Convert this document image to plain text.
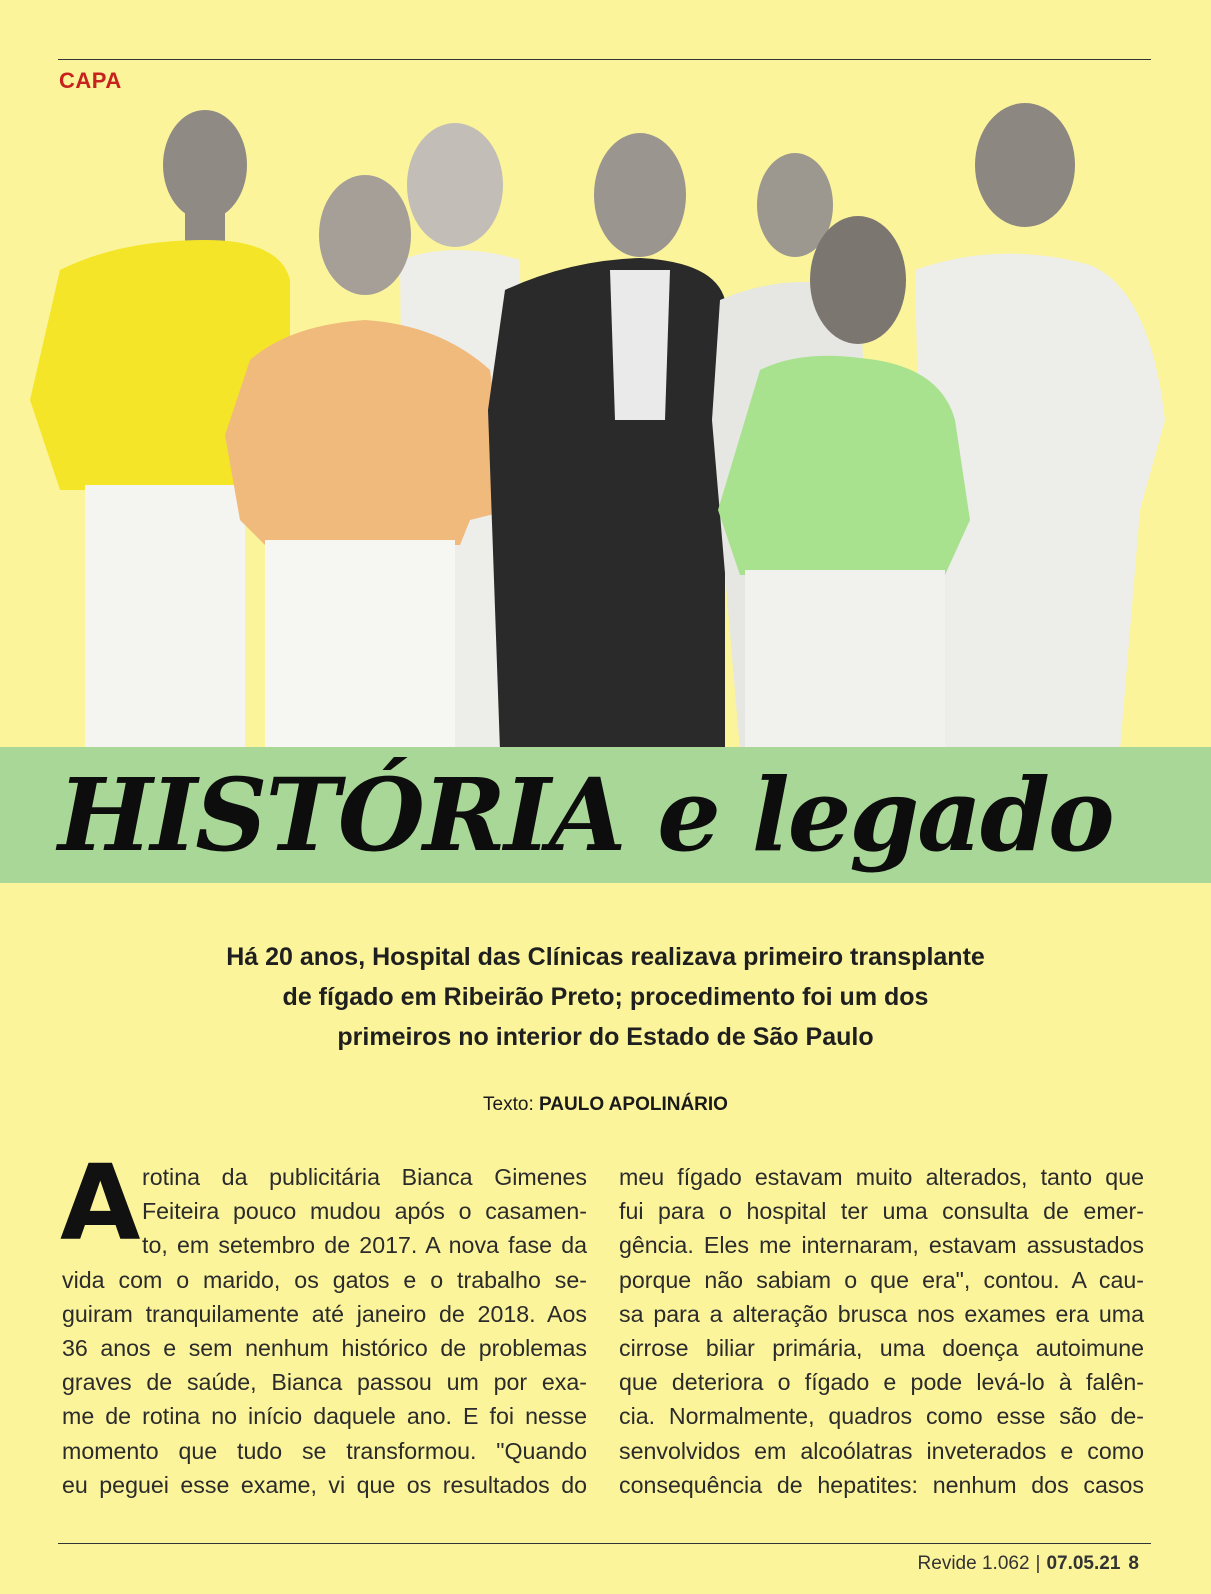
CAPA
HISTÓRIA e legado
Há 20 anos, Hospital das Clínicas realizava primeiro transplante
de fígado em Ribeirão Preto; procedimento foi um dos
primeiros no interior do Estado de São Paulo
Texto: PAULO APOLINÁRIO
A rotina da publicitária Bianca Gimenes
Feiteira pouco mudou após o casamen-
to, em setembro de 2017. A nova fase da
vida com o marido, os gatos e o trabalho se-
guiram tranquilamente até janeiro de 2018. Aos
36 anos e sem nenhum histórico de problemas
graves de saúde, Bianca passou um por exa-
me de rotina no início daquele ano. E foi nesse
momento que tudo se transformou. "Quando
eu peguei esse exame, vi que os resultados do
meu fígado estavam muito alterados, tanto que
fui para o hospital ter uma consulta de emer-
gência. Eles me internaram, estavam assustados
porque não sabiam o que era", contou. A cau-
sa para a alteração brusca nos exames era uma
cirrose biliar primária, uma doença autoimune
que deteriora o fígado e pode levá-lo à falên-
cia. Normalmente, quadros como esse são de-
senvolvidos em alcoólatras inveterados e como
consequência de hepatites: nenhum dos casos
Revide 1.062 | 07.05.21 8
